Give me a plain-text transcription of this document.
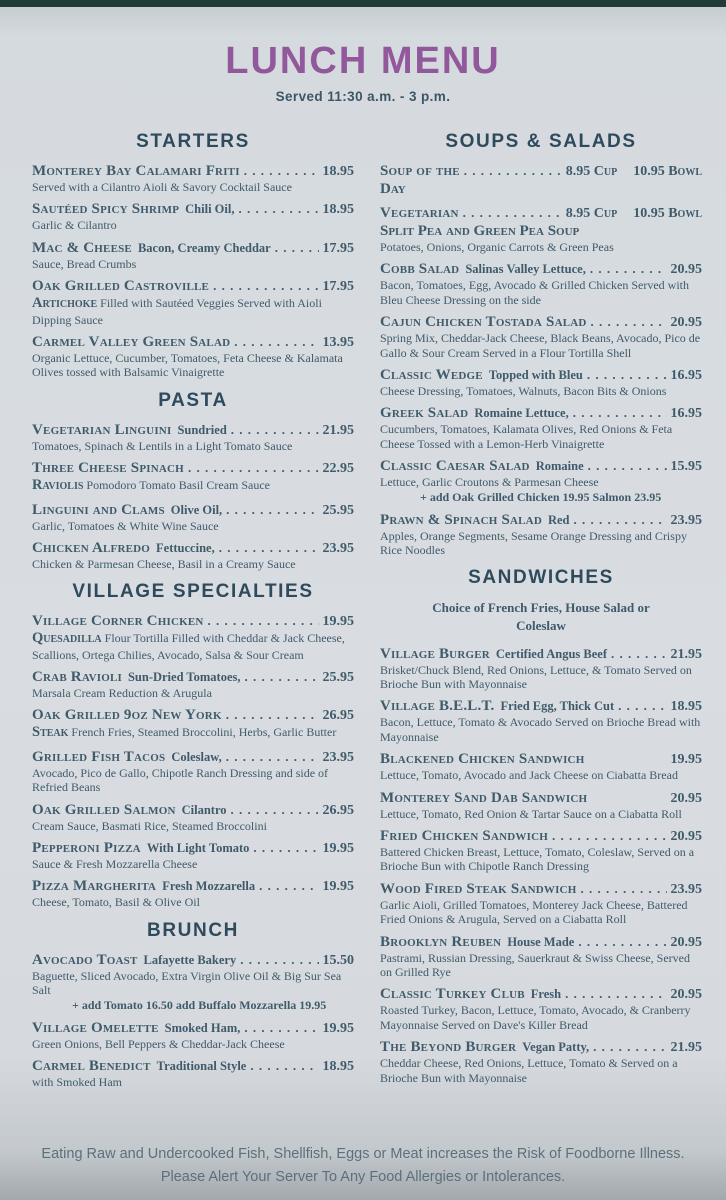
LUNCH MENU
Served 11:30 a.m. - 3 p.m.
STARTERS
Monterey Bay Calamari Friti . . .	18.95
Served with a Cilantro Aioli & Savory Cocktail Sauce
Sautéed Spicy Shrimp Chili Oil, . . .	18.95
Garlic & Cilantro
Mac & Cheese Bacon, Creamy Cheddar . . .	17.95
Sauce, Bread Crumbs
Oak Grilled Castroville . . .	17.95
Artichoke Filled with Sautéed Veggies Served with Aioli Dipping Sauce
Carmel Valley Green Salad . . .	13.95
Organic Lettuce, Cucumber, Tomatoes, Feta Cheese & Kalamata Olives tossed with Balsamic Vinaigrette
PASTA
Vegetarian Linguini Sundried . . .	21.95
Tomatoes, Spinach & Lentils in a Light Tomato Sauce
Three Cheese Spinach . . .	22.95
Raviolis Pomodoro Tomato Basil Cream Sauce
Linguini and Clams Olive Oil, . . .	25.95
Garlic, Tomatoes & White Wine Sauce
Chicken Alfredo Fettuccine, . . .	23.95
Chicken & Parmesan Cheese, Basil in a Creamy Sauce
VILLAGE SPECIALTIES
Village Corner Chicken . . .	19.95
Quesadilla Flour Tortilla Filled with Cheddar & Jack Cheese, Scallions, Ortega Chilies, Avocado, Salsa & Sour Cream
Crab Ravioli Sun-Dried Tomatoes, . . .	25.95
Marsala Cream Reduction & Arugula
Oak Grilled 9oz New York . . .	26.95
Steak French Fries, Steamed Broccolini, Herbs, Garlic Butter
Grilled Fish Tacos Coleslaw, . . .	23.95
Avocado, Pico de Gallo, Chipotle Ranch Dressing and side of Refried Beans
Oak Grilled Salmon Cilantro . . .	26.95
Cream Sauce, Basmati Rice, Steamed Broccolini
Pepperoni Pizza With Light Tomato . . .	19.95
Sauce & Fresh Mozzarella Cheese
Pizza Margherita Fresh Mozzarella . . .	19.95
Cheese, Tomato, Basil & Olive Oil
BRUNCH
Avocado Toast Lafayette Bakery . . .	15.50
Baguette, Sliced Avocado, Extra Virgin Olive Oil & Big Sur Sea Salt
+ add Tomato 16.50 add Buffalo Mozzarella 19.95
Village Omelette Smoked Ham, . . .	19.95
Green Onions, Bell Peppers & Cheddar-Jack Cheese
Carmel Benedict Traditional Style . . .	18.95
with Smoked Ham
SOUPS & SALADS
Soup of the . . .	8.95 Cup 10.95 Bowl
Day
Vegetarian . . .	8.95 Cup 10.95 Bowl
Split Pea and Green Pea Soup
Potatoes, Onions, Organic Carrots & Green Peas
Cobb Salad Salinas Valley Lettuce, . . .	20.95
Bacon, Tomatoes, Egg, Avocado & Grilled Chicken Served with Bleu Cheese Dressing on the side
Cajun Chicken Tostada Salad . . .	20.95
Spring Mix, Cheddar-Jack Cheese, Black Beans, Avocado, Pico de Gallo & Sour Cream Served in a Flour Tortilla Shell
Classic Wedge Topped with Bleu . . .	16.95
Cheese Dressing, Tomatoes, Walnuts, Bacon Bits & Onions
Greek Salad Romaine Lettuce, . . .	16.95
Cucumbers, Tomatoes, Kalamata Olives, Red Onions & Feta Cheese Tossed with a Lemon-Herb Vinaigrette
Classic Caesar Salad Romaine . . .	15.95
Lettuce, Garlic Croutons & Parmesan Cheese
+ add Oak Grilled Chicken 19.95 Salmon 23.95
Prawn & Spinach Salad Red . . .	23.95
Apples, Orange Segments, Sesame Orange Dressing and Crispy Rice Noodles
SANDWICHES
Choice of French Fries, House Salad or Coleslaw
Village Burger Certified Angus Beef . . .	21.95
Brisket/Chuck Blend, Red Onions, Lettuce, & Tomato Served on Brioche Bun with Mayonnaise
Village B.E.L.T. Fried Egg, Thick Cut . . .	18.95
Bacon, Lettuce, Tomato & Avocado Served on Brioche Bread with Mayonnaise
Blackened Chicken Sandwich	19.95
Lettuce, Tomato, Avocado and Jack Cheese on Ciabatta Bread
Monterey Sand Dab Sandwich	20.95
Lettuce, Tomato, Red Onion & Tartar Sauce on a Ciabatta Roll
Fried Chicken Sandwich . . .	20.95
Battered Chicken Breast, Lettuce, Tomato, Coleslaw, Served on a Brioche Bun with Chipotle Ranch Dressing
Wood Fired Steak Sandwich . . .	23.95
Garlic Aioli, Grilled Tomatoes, Monterey Jack Cheese, Battered Fried Onions & Arugula, Served on a Ciabatta Roll
Brooklyn Reuben House Made . . .	20.95
Pastrami, Russian Dressing, Sauerkraut & Swiss Cheese, Served on Grilled Rye
Classic Turkey Club Fresh . . .	20.95
Roasted Turkey, Bacon, Lettuce, Tomato, Avocado, & Cranberry Mayonnaise Served on Dave's Killer Bread
The Beyond Burger Vegan Patty, . . .	21.95
Cheddar Cheese, Red Onions, Lettuce, Tomato & Served on a Brioche Bun with Mayonnaise
Eating Raw and Undercooked Fish, Shellfish, Eggs or Meat increases the Risk of Foodborne Illness.
Please Alert Your Server To Any Food Allergies or Intolerances.
